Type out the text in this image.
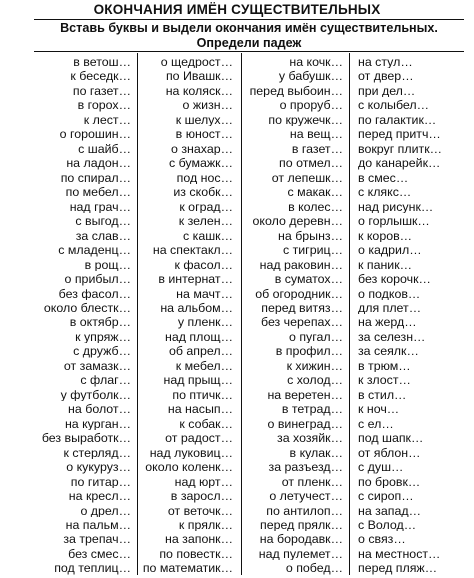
ОКОНЧАНИЯ ИМЁН СУЩЕСТВИТЕЛЬНЫХ
Вставь буквы и выдели окончания имён существительных.
Определи падеж
в ветош…
к беседк…
по газет…
в горох…
к лест…
о горошин…
с шайб…
на ладон…
по спирал…
по мебел…
над грач…
с выгод…
за слав…
с младенц…
в рощ…
о прибыл…
без фасол…
около блестк…
в октябр…
к упряж…
с дружб…
от замазк…
с флаг…
у футболк…
на болот…
на курган…
без выработк…
к стерляд…
о кукуруз…
по гитар…
на кресл…
о дрел…
на пальм…
за трепач…
без смес…
под теплиц…
о щедрост…
по Ивашк…
на коляск…
о жизн…
к шелух…
в юност…
о знахар…
с бумажк…
под нос…
из скобк…
к оград…
к зелен…
с кашк…
на спектакл…
к фасол…
в интернат…
на мачт…
на альбом…
у пленк…
над площ…
об апрел…
к мебел…
над прыщ…
по птичк…
на насып…
к собак…
от радост…
над луковиц…
около коленк…
над юрт…
в заросл…
от веточк…
к прялк…
на запонк…
по повестк…
по математик…
на кочк…
у бабушк…
перед выбоин…
о проруб…
по кружечк…
на вещ…
в газет…
по отмел…
от лепешк…
с макак…
в колес…
около деревн…
на брынз…
с тигриц…
над раковин…
в суматох…
об огородник…
перед витяз…
без черепах…
о пугал…
в профил…
к хижин…
с холод…
на веретен…
в тетрад…
о винеград…
за хозяйк…
в кулак…
за разъезд…
от пленк…
о летучест…
по антилоп…
перед прялк…
на бородавк…
над пулемет…
о побед…
на стул…
от двер…
при дел…
с колыбел…
по галактик…
перед притч…
вокруг плитк…
до канарейк…
в смес…
с клякс…
над рисунк…
о горлышк…
к коров…
о кадрил…
к паник…
без корочк…
о подков…
для плет…
на жерд…
за селезн…
за сеялк…
в трюм…
к злост…
в стил…
к ноч…
с ел…
под шапк…
от яблон…
с душ…
по бровк…
с сироп…
на запад…
с Волод…
о связ…
на местност…
перед пляж…
